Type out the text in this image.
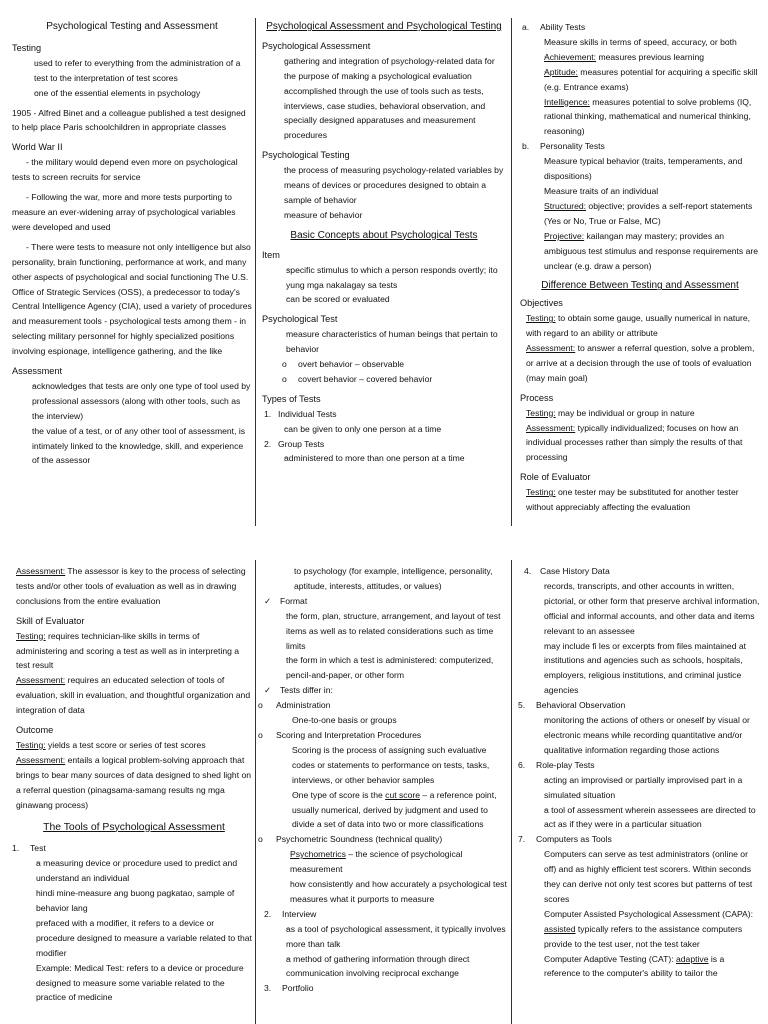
Psychological Testing and Assessment
Testing
– used to refer to everything from the administration of a test to the interpretation of test scores
– one of the essential elements in psychology
1905 - Alfred Binet and a colleague published a test designed to help place Paris schoolchildren in appropriate classes
World War II
- the military would depend even more on psychological tests to screen recruits for service
- Following the war, more and more tests purporting to measure an ever-widening array of psychological variables were developed and used
- There were tests to measure not only intelligence but also personality, brain functioning, performance at work, and many other aspects of psychological and social functioning The U.S. Office of Strategic Services (OSS), a predecessor to today's Central Intelligence Agency (CIA), used a variety of procedures and measurement tools - psychological tests among them - in selecting military personnel for highly specialized positions involving espionage, intelligence gathering, and the like
Assessment
– acknowledges that tests are only one type of tool used by professional assessors (along with other tools, such as the interview)
– the value of a test, or of any other tool of assessment, is intimately linked to the knowledge, skill, and experience of the assessor
Psychological Assessment and Psychological Testing
Psychological Assessment
– gathering and integration of psychology-related data for the purpose of making a psychological evaluation
– accomplished through the use of tools such as tests, interviews, case studies, behavioral observation, and specially designed apparatuses and measurement procedures
Psychological Testing
– the process of measuring psychology-related variables by means of devices or procedures designed to obtain a sample of behavior
– measure of behavior
Basic Concepts about Psychological Tests
Item
– specific stimulus to which a person responds overtly; ito yung mga nakalagay sa tests
– can be scored or evaluated
Psychological Test
– measure characteristics of human beings that pertain to behavior
o overt behavior – observable
o covert behavior – covered behavior
Types of Tests
1. Individual Tests
– can be given to only one person at a time
2. Group Tests
– administered to more than one person at a time
a. Ability Tests
– Measure skills in terms of speed, accuracy, or both
– Achievement: measures previous learning
– Aptitude: measures potential for acquiring a specific skill (e.g. Entrance exams)
– Intelligence: measures potential to solve problems (IQ, rational thinking, mathematical and numerical thinking, reasoning)
b. Personality Tests
– Measure typical behavior (traits, temperaments, and dispositions)
– Measure traits of an individual
– Structured: objective; provides a self-report statements (Yes or No, True or False, MC)
– Projective: kailangan may mastery; provides an ambiguous test stimulus and response requirements are unclear (e.g. draw a person)
Difference Between Testing and Assessment
Objectives
Testing: to obtain some gauge, usually numerical in nature, with regard to an ability or attribute
Assessment: to answer a referral question, solve a problem, or arrive at a decision through the use of tools of evaluation (may main goal)
Process
Testing: may be individual or group in nature
Assessment: typically individualized; focuses on how an individual processes rather than simply the results of that processing
Role of Evaluator
Testing: one tester may be substituted for another tester without appreciably affecting the evaluation
Assessment: The assessor is key to the process of selecting tests and/or other tools of evaluation as well as in drawing conclusions from the entire evaluation
Skill of Evaluator
Testing: requires technician-like skills in terms of administering and scoring a test as well as in interpreting a test result
Assessment: requires an educated selection of tools of evaluation, skill in evaluation, and thoughtful organization and integration of data
Outcome
Testing: yields a test score or series of test scores
Assessment: entails a logical problem-solving approach that brings to bear many sources of data designed to shed light on a referral question (pinagsama-samang results ng mga ginawang process)
The Tools of Psychological Assessment
1. Test
– a measuring device or procedure used to predict and understand an individual
– hindi mine-measure ang buong pagkatao, sample of behavior lang
– prefaced with a modifier, it refers to a device or procedure designed to measure a variable related to that modifier
– Example: Medical Test: refers to a device or procedure designed to measure some variable related to the practice of medicine
to psychology (for example, intelligence, personality, aptitude, interests, attitudes, or values)
✓ Format
– the form, plan, structure, arrangement, and layout of test items as well as to related considerations such as time limits
– the form in which a test is administered: computerized, pencil-and-paper, or other form
✓ Tests differ in:
o Administration
– One-to-one basis or groups
o Scoring and Interpretation Procedures
– Scoring is the process of assigning such evaluative codes or statements to performance on tests, tasks, interviews, or other behavior samples
– One type of score is the cut score – a reference point, usually numerical, derived by judgment and used to divide a set of data into two or more classifications
o Psychometric Soundness (technical quality)
– Psychometrics – the science of psychological measurement
– how consistently and how accurately a psychological test measures what it purports to measure
2. Interview
– as a tool of psychological assessment, it typically involves more than talk
– a method of gathering information through direct communication involving reciprocal exchange
3. Portfolio
4. Case History Data
– records, transcripts, and other accounts in written, pictorial, or other form that preserve archival information, official and informal accounts, and other data and items relevant to an assessee
– may include fi les or excerpts from files maintained at institutions and agencies such as schools, hospitals, employers, religious institutions, and criminal justice agencies
5. Behavioral Observation
– monitoring the actions of others or oneself by visual or electronic means while recording quantitative and/or qualitative information regarding those actions
6. Role-play Tests
– acting an improvised or partially improvised part in a simulated situation
– a tool of assessment wherein assessees are directed to act as if they were in a particular situation
7. Computers as Tools
– Computers can serve as test administrators (online or off) and as highly efficient test scorers. Within seconds they can derive not only test scores but patterns of test scores
– Computer Assisted Psychological Assessment (CAPA): assisted typically refers to the assistance computers provide to the test user, not the test taker
– Computer Adaptive Testing (CAT): adaptive is a reference to the computer's ability to tailor the
